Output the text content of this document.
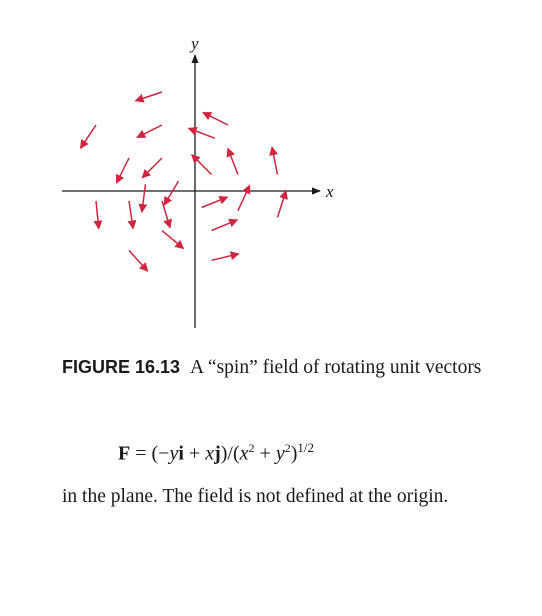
x
y
FIGURE 16.13 A “spin” field of rotating unit vectors
$F = (-yi + xj)/(x^2 + y^2)^{1/2}$
in the plane. The field is not defined at the origin.
